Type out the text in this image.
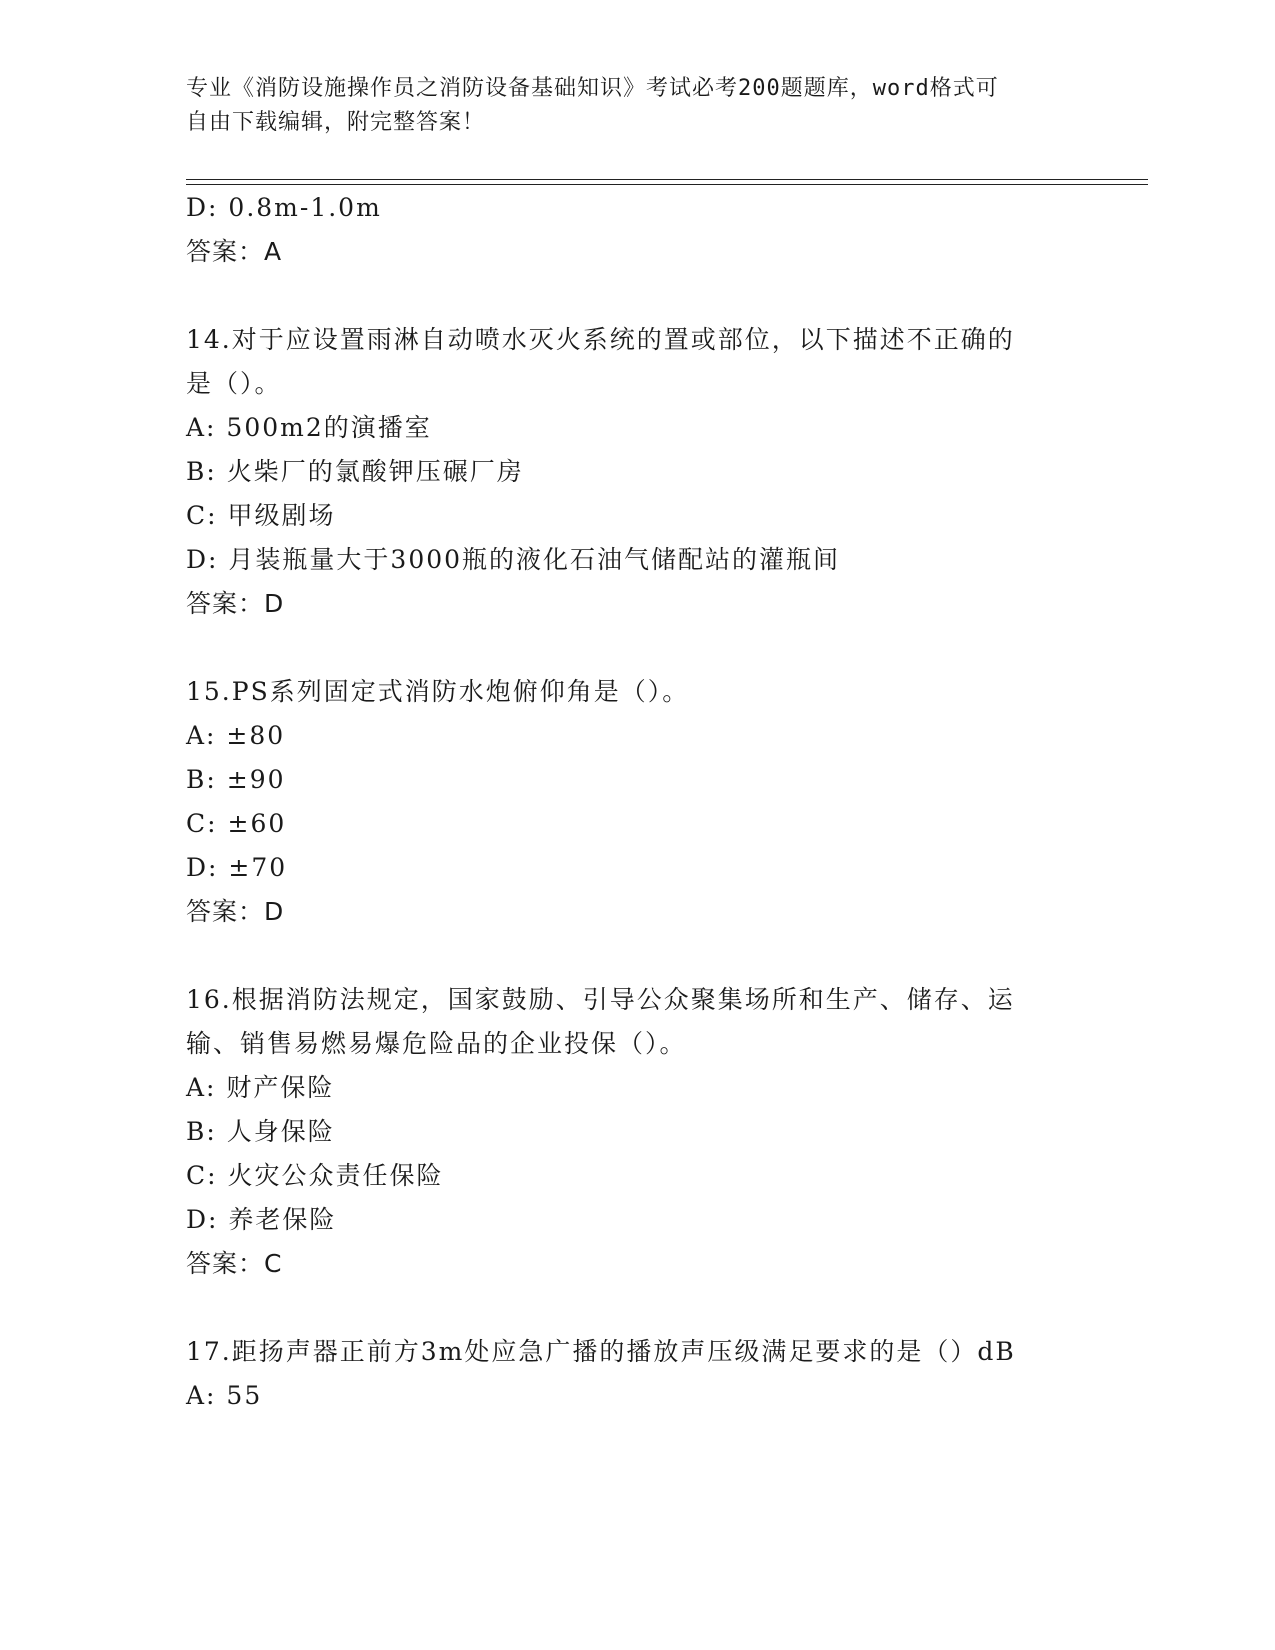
专业《消防设施操作员之消防设备基础知识》考试必考200题题库，word格式可
自由下载编辑，附完整答案！
D: 0.8m-1.0m
答案：A
14.对于应设置雨淋自动喷水灭火系统的置或部位，以下描述不正确的
是（）。
A: 500m2的演播室
B: 火柴厂的氯酸钾压碾厂房
C: 甲级剧场
D: 月装瓶量大于3000瓶的液化石油气储配站的灌瓶间
答案：D
15.PS系列固定式消防水炮俯仰角是（）。
A: ±80
B: ±90
C: ±60
D: ±70
答案：D
16.根据消防法规定，国家鼓励、引导公众聚集场所和生产、储存、运
输、销售易燃易爆危险品的企业投保（）。
A: 财产保险
B: 人身保险
C: 火灾公众责任保险
D: 养老保险
答案：C
17.距扬声器正前方3m处应急广播的播放声压级满足要求的是（）dB
A: 55
